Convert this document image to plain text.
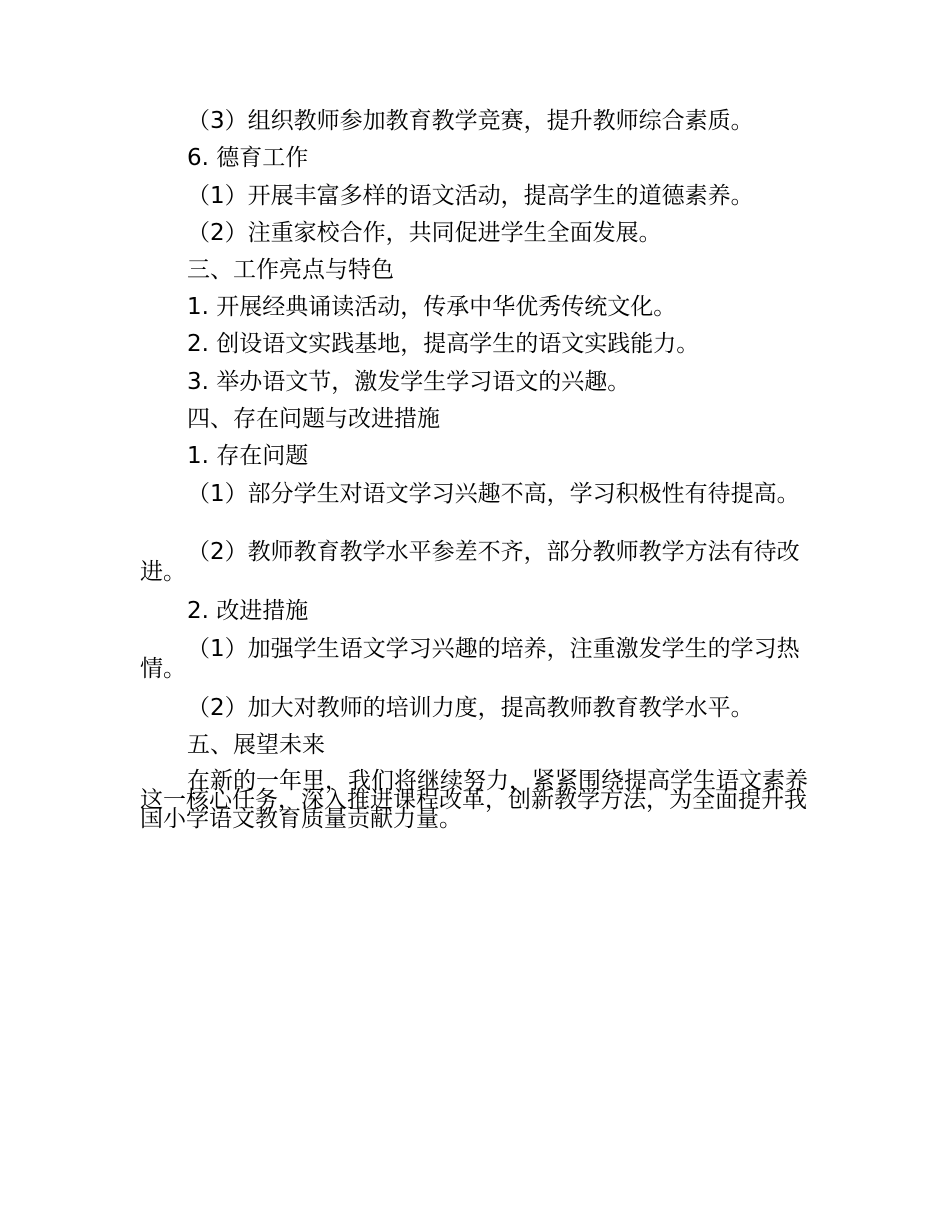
（3）组织教师参加教育教学竞赛，提升教师综合素质。
6. 德育工作
（1）开展丰富多样的语文活动，提高学生的道德素养。
（2）注重家校合作，共同促进学生全面发展。
三、工作亮点与特色
1. 开展经典诵读活动，传承中华优秀传统文化。
2. 创设语文实践基地，提高学生的语文实践能力。
3. 举办语文节，激发学生学习语文的兴趣。
四、存在问题与改进措施
1. 存在问题
（1）部分学生对语文学习兴趣不高，学习积极性有待提高。
（2）教师教育教学水平参差不齐，部分教师教学方法有待改进。
2. 改进措施
（1）加强学生语文学习兴趣的培养，注重激发学生的学习热情。
（2）加大对教师的培训力度，提高教师教育教学水平。
五、展望未来
在新的一年里，我们将继续努力，紧紧围绕提高学生语文素养这一核心任务，深入推进课程改革，创新教学方法，为全面提升我国小学语文教育质量贡献力量。
